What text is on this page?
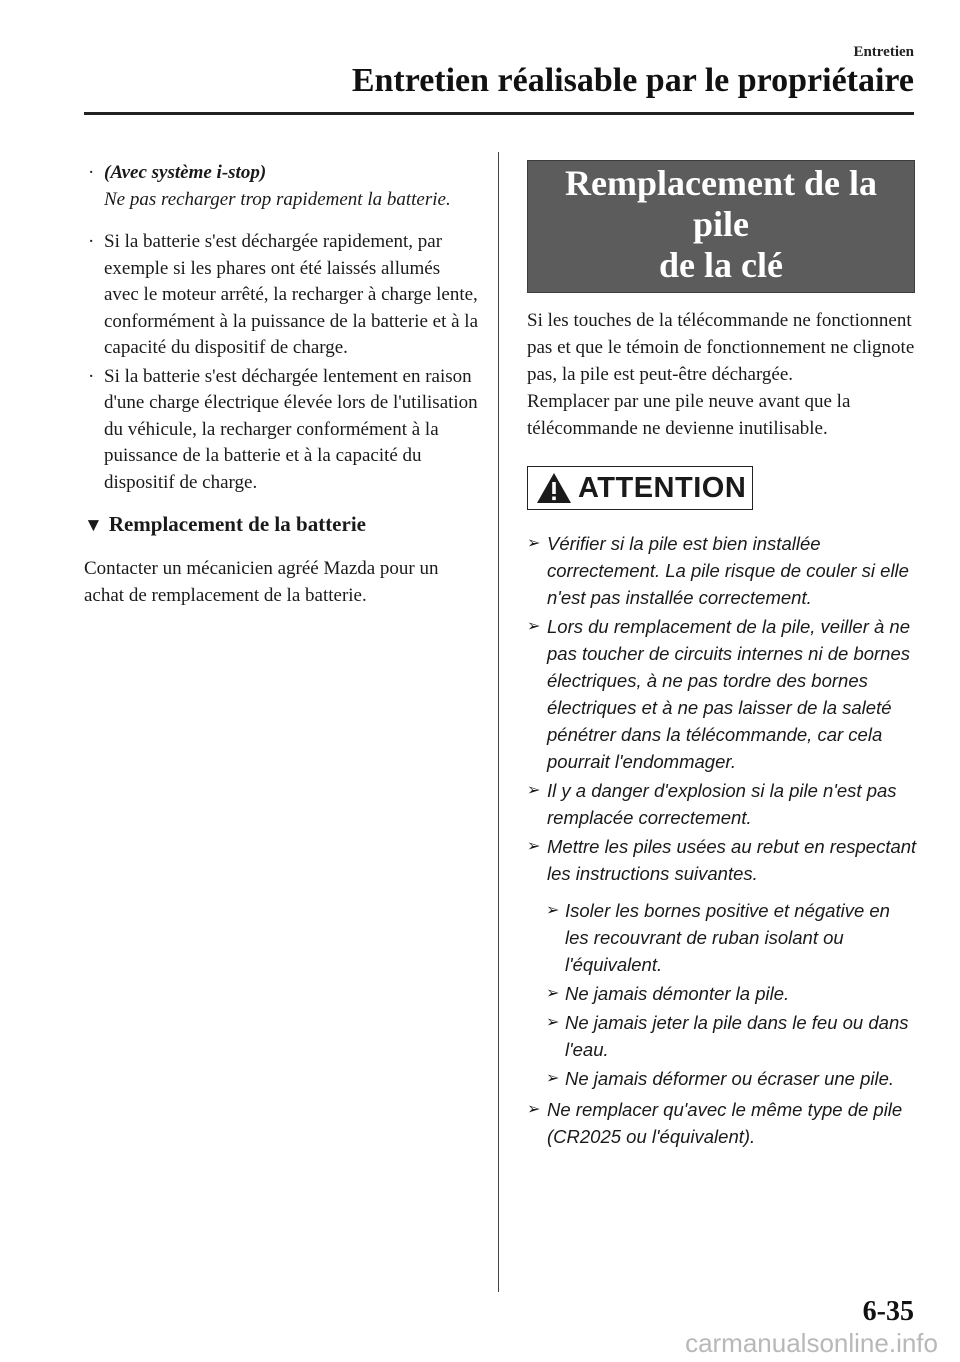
Entretien
Entretien réalisable par le propriétaire
· (Avec système i-stop)
Ne pas recharger trop rapidement la batterie.
· Si la batterie s'est déchargée rapidement, par exemple si les phares ont été laissés allumés avec le moteur arrêté, la recharger à charge lente, conformément à la puissance de la batterie et à la capacité du dispositif de charge.
· Si la batterie s'est déchargée lentement en raison d'une charge électrique élevée lors de l'utilisation du véhicule, la recharger conformément à la puissance de la batterie et à la capacité du dispositif de charge.
▼ Remplacement de la batterie
Contacter un mécanicien agréé Mazda pour un achat de remplacement de la batterie.
Remplacement de la pile
de la clé
Si les touches de la télécommande ne fonctionnent pas et que le témoin de fonctionnement ne clignote pas, la pile est peut-être déchargée.
Remplacer par une pile neuve avant que la télécommande ne devienne inutilisable.
ATTENTION
➢ Vérifier si la pile est bien installée correctement. La pile risque de couler si elle n'est pas installée correctement.
➢ Lors du remplacement de la pile, veiller à ne pas toucher de circuits internes ni de bornes électriques, à ne pas tordre des bornes électriques et à ne pas laisser de la saleté pénétrer dans la télécommande, car cela pourrait l'endommager.
➢ Il y a danger d'explosion si la pile n'est pas remplacée correctement.
➢ Mettre les piles usées au rebut en respectant les instructions suivantes.
➢ Isoler les bornes positive et négative en les recouvrant de ruban isolant ou l'équivalent.
➢ Ne jamais démonter la pile.
➢ Ne jamais jeter la pile dans le feu ou dans l'eau.
➢ Ne jamais déformer ou écraser une pile.
➢ Ne remplacer qu'avec le même type de pile (CR2025 ou l'équivalent).
6-35
carmanualsonline.info
